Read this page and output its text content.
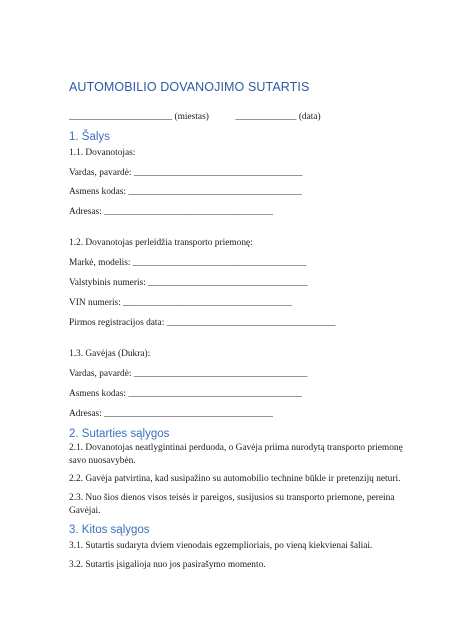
AUTOMOBILIO DOVANOJIMO SUTARTIS
______________________ (miestas)	_____________ (data)
1. Šalys
1.1. Dovanotojas:
Vardas, pavardė: ____________________________________
Asmens kodas: _____________________________________
Adresas: ____________________________________
1.2. Dovanotojas perleidžia transporto priemonę:
Markė, modelis: _____________________________________
Valstybinis numeris: __________________________________
VIN numeris: ____________________________________
Pirmos registracijos data: ____________________________________
1.3. Gavėjas (Dukra):
Vardas, pavardė: _____________________________________
Asmens kodas: _____________________________________
Adresas: ____________________________________
2. Sutarties sąlygos
2.1. Dovanotojas neatlygintinai perduoda, o Gavėja priima nurodytą transporto priemonę
savo nuosavybėn.
2.2. Gavėja patvirtina, kad susipažino su automobilio technine būkle ir pretenzijų neturi.
2.3. Nuo šios dienos visos teisės ir pareigos, susijusios su transporto priemone, pereina
Gavėjai.
3. Kitos sąlygos
3.1. Sutartis sudaryta dviem vienodais egzemplioriais, po vieną kiekvienai šaliai.
3.2. Sutartis įsigalioja nuo jos pasirašymo momento.
